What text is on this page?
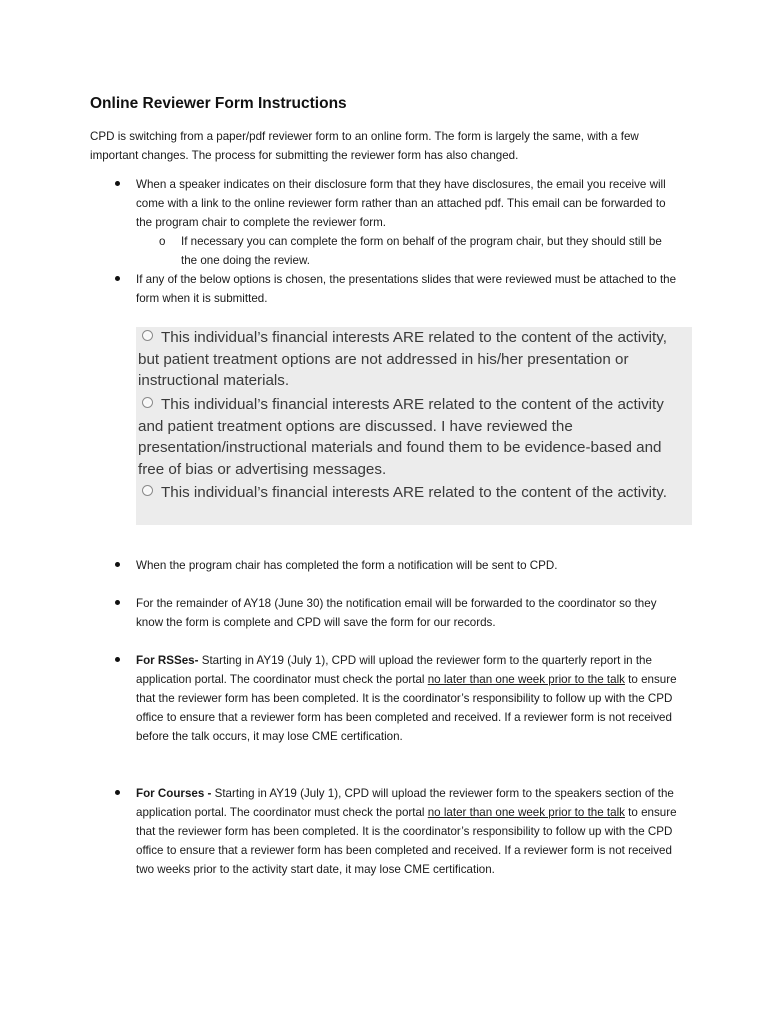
Online Reviewer Form Instructions
CPD is switching from a paper/pdf reviewer form to an online form. The form is largely the same, with a few important changes. The process for submitting the reviewer form has also changed.
When a speaker indicates on their disclosure form that they have disclosures, the email you receive will come with a link to the online reviewer form rather than an attached pdf. This email can be forwarded to the program chair to complete the reviewer form.
o If necessary you can complete the form on behalf of the program chair, but they should still be the one doing the review.
If any of the below options is chosen, the presentations slides that were reviewed must be attached to the form when it is submitted.
This individual’s financial interests ARE related to the content of the activity, but patient treatment options are not addressed in his/her presentation or instructional materials.
This individual’s financial interests ARE related to the content of the activity and patient treatment options are discussed. I have reviewed the presentation/instructional materials and found them to be evidence-based and free of bias or advertising messages.
This individual’s financial interests ARE related to the content of the activity.
When the program chair has completed the form a notification will be sent to CPD.
For the remainder of AY18 (June 30) the notification email will be forwarded to the coordinator so they know the form is complete and CPD will save the form for our records.
For RSSes- Starting in AY19 (July 1), CPD will upload the reviewer form to the quarterly report in the application portal. The coordinator must check the portal no later than one week prior to the talk to ensure that the reviewer form has been completed. It is the coordinator’s responsibility to follow up with the CPD office to ensure that a reviewer form has been completed and received. If a reviewer form is not received before the talk occurs, it may lose CME certification.
For Courses - Starting in AY19 (July 1), CPD will upload the reviewer form to the speakers section of the application portal. The coordinator must check the portal no later than one week prior to the talk to ensure that the reviewer form has been completed. It is the coordinator’s responsibility to follow up with the CPD office to ensure that a reviewer form has been completed and received. If a reviewer form is not received two weeks prior to the activity start date, it may lose CME certification.
